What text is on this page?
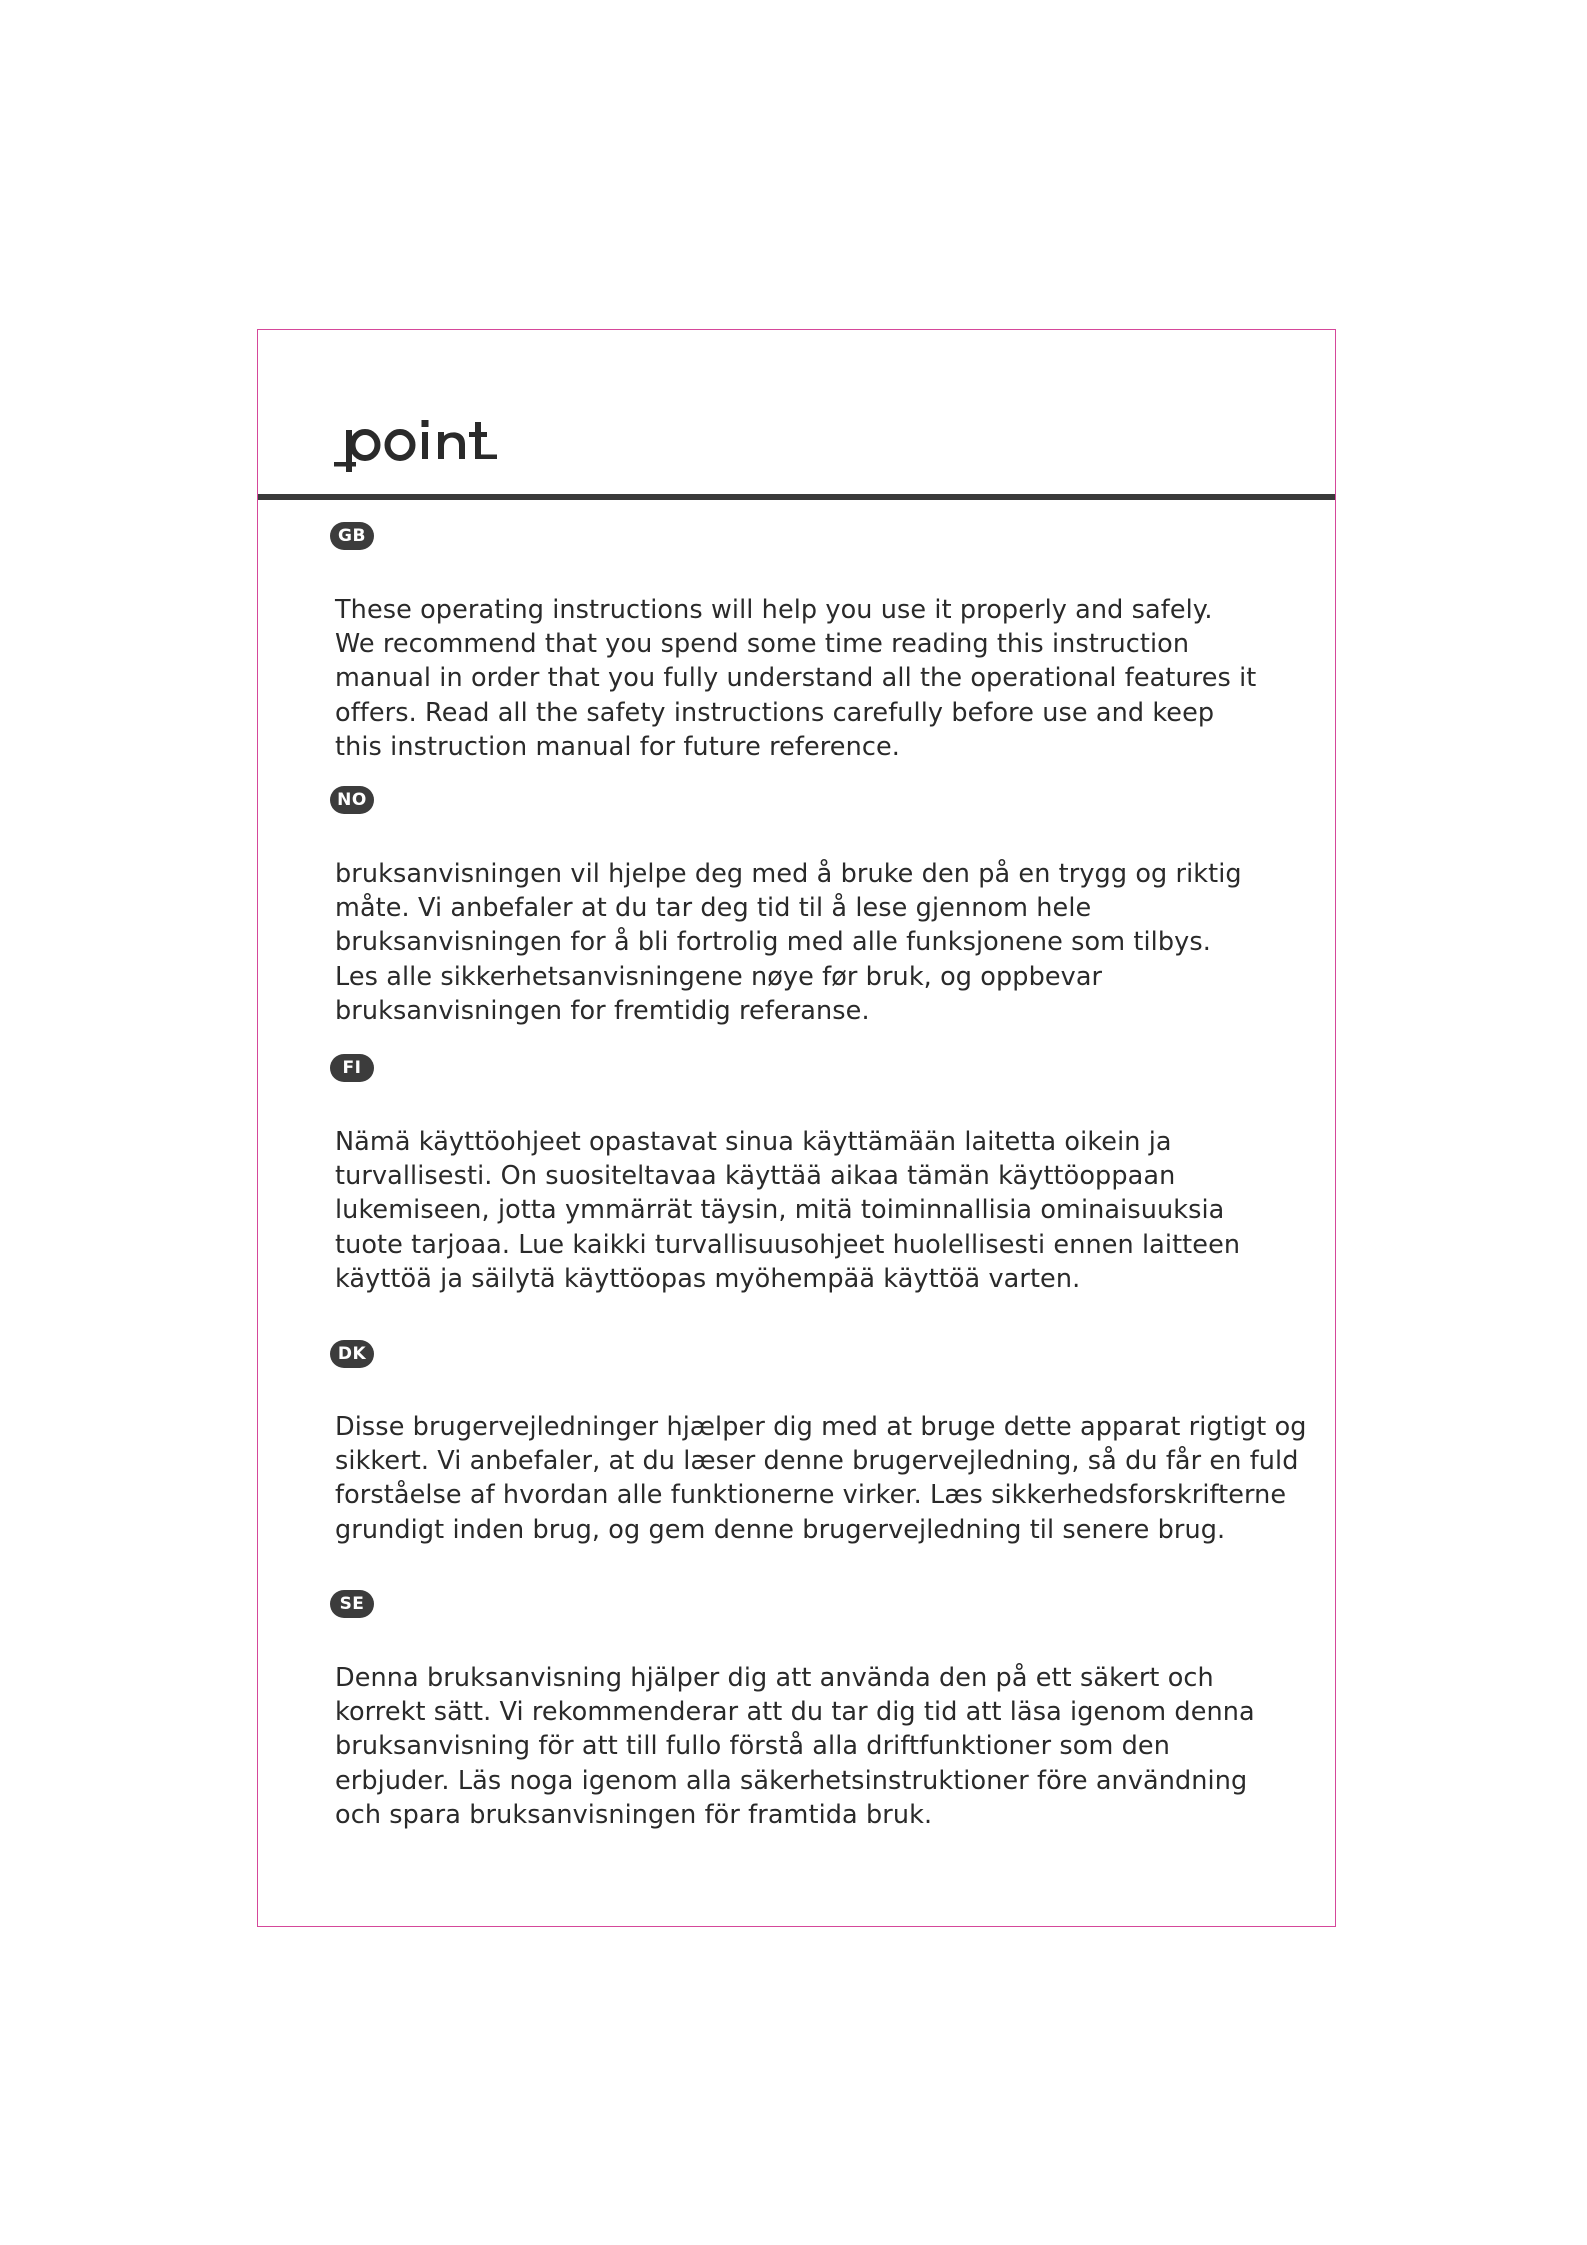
GB

These operating instructions will help you use it properly and safely.
We recommend that you spend some time reading this instruction
manual in order that you fully understand all the operational features it
offers. Read all the safety instructions carefully before use and keep
this instruction manual for future reference.

NO

bruksanvisningen vil hjelpe deg med å bruke den på en trygg og riktig
måte. Vi anbefaler at du tar deg tid til å lese gjennom hele
bruksanvisningen for å bli fortrolig med alle funksjonene som tilbys.
Les alle sikkerhetsanvisningene nøye før bruk, og oppbevar
bruksanvisningen for fremtidig referanse.

FI

Nämä käyttöohjeet opastavat sinua käyttämään laitetta oikein ja
turvallisesti. On suositeltavaa käyttää aikaa tämän käyttöoppaan
lukemiseen, jotta ymmärrät täysin, mitä toiminnallisia ominaisuuksia
tuote tarjoaa. Lue kaikki turvallisuusohjeet huolellisesti ennen laitteen
käyttöä ja säilytä käyttöopas myöhempää käyttöä varten.

DK

Disse brugervejledninger hjælper dig med at bruge dette apparat rigtigt og
sikkert. Vi anbefaler, at du læser denne brugervejledning, så du får en fuld
forståelse af hvordan alle funktionerne virker. Læs sikkerhedsforskrifterne
grundigt inden brug, og gem denne brugervejledning til senere brug.

SE

Denna bruksanvisning hjälper dig att använda den på ett säkert och
korrekt sätt. Vi rekommenderar att du tar dig tid att läsa igenom denna
bruksanvisning för att till fullo förstå alla driftfunktioner som den
erbjuder. Läs noga igenom alla säkerhetsinstruktioner före användning
och spara bruksanvisningen för framtida bruk.
